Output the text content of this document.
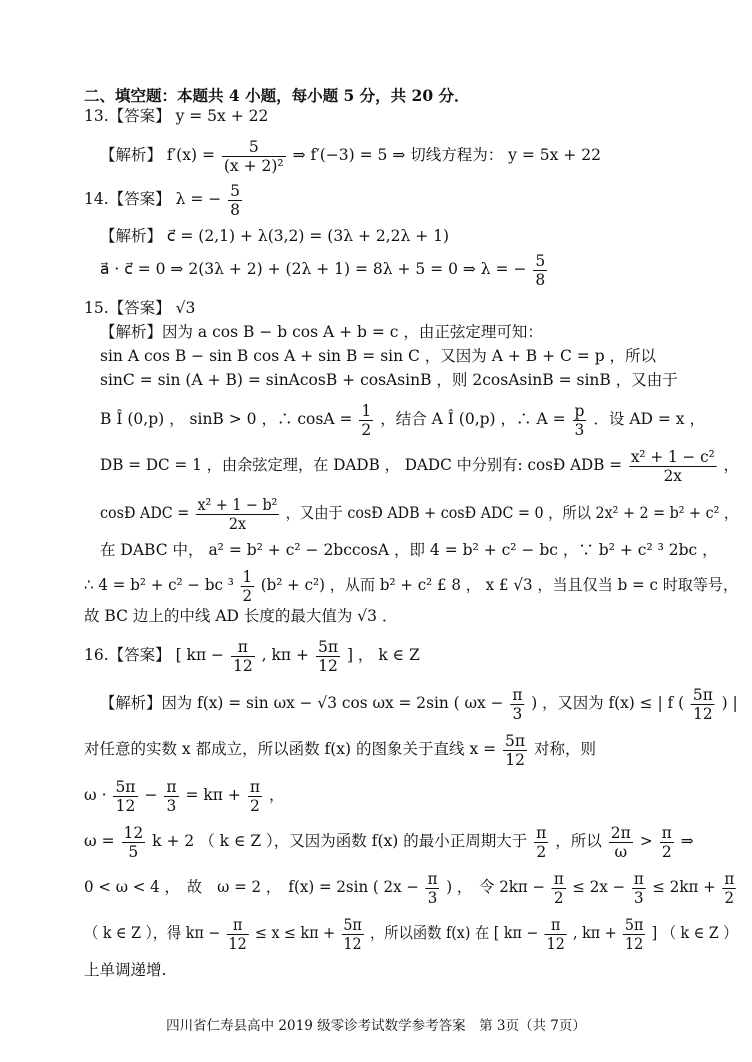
二、填空题：本题共 4 小题，每小题 5 分，共 20 分．
13.【答案】 y = 5x + 22
【解析】 $f'(x) = \frac{5}{\text{(x + 2)²}}$ ⇒ f′(−3) = 5 ⇒ 切线方程为： y = 5x + 22
14.【答案】 λ = − $\frac{5}{8}$
【解析】 c⃗ = (2,1) + λ(3,2) = (3λ + 2,2λ + 1)
a⃗ · c⃗ = 0 ⇒ 2(3λ + 2) + (2λ + 1) = 8λ + 5 = 0 ⇒ λ = − $\frac{5}{8}$
15.【答案】 √3
【解析】因为 a cos B − b cos A + b = c ，由正弦定理可知：
sin A cos B − sin B cos A + sin B = sin C ，又因为 A + B + C = p ，所以
sinC = sin (A + B) = sinAcosB + cosAsinB ，则 2cosAsinB = sinB ，又由于
B Î (0,p) ， sinB > 0 ，∴ $\cos A = \frac{1}{2}$ ，结合 A Î (0,p) ，∴ $A = \frac{p}{3}$ ．设 AD = x ，
DB = DC = 1 ，由余弦定理，在 DADB ， DADC 中分别有: cosÐ ADB = $\frac{\text{x² + 1 − c²}}{2x}$ ，
cosÐ ADC = $\frac{\text{x² + 1 − b²}}{2x}$ ，又由于 cosÐ ADB + cosÐ ADC = 0 ，所以 2x² + 2 = b² + c² ，
在 DABC 中， a² = b² + c² − 2bccosA ，即 4 = b² + c² − bc ，∵ b² + c² ³ 2bc ，
∴ 4 = b² + c² − bc $^3 \frac{1}{2} (b^2 + c^2)$ ，从而 b² + c² £ 8 ， x £ √3 ，当且仅当 b = c 时取等号，
故 BC 边上的中线 AD 长度的最大值为 √3 ．
16.【答案】 [ $k\pi - \frac{\pi}{12}$ , $k\pi + \frac{5\pi}{12}$ ] ， k ∈ Z
【解析】因为 f(x) = sin ωx − √3 cos ωx = 2sin ( $\omega x - \frac{\pi}{3}$ ) ，又因为 f(x) ≤ | f ( $\frac{5\pi}{12}$ ) |
对任意的实数 x 都成立，所以函数 f(x) 的图象关于直线 $x = \frac{5\pi}{12}$ 对称，则
$\omega \cdot \frac{5\pi}{12} - \frac{\pi}{3} = k\pi + \frac{\pi}{2}$ ，
$\omega = \frac{12}{5}$ k + 2 （ k ∈ Z ），又因为函数 f(x) 的最小正周期大于 $\frac{\pi}{2}$ ，所以 $\frac{2\pi}{\omega} > \frac{\pi}{2}$ ⇒
0 < ω < 4 ，　故　ω = 2 ，　f(x) = 2sin ( $2x - \frac{\pi}{3}$ ) ，　令 $2k\pi - \frac{\pi}{2} \le 2x - \frac{\pi}{3} \le 2k\pi + \frac{\pi}{2}$
（ k ∈ Z ），得 $k\pi - \frac{\pi}{12} \le x \le k\pi + \frac{5\pi}{12}$ ，所以函数 f(x) 在 [ $k\pi - \frac{\pi}{12}$ , $k\pi + \frac{5\pi}{12}$ ] （ k ∈ Z ）
上单调递增.
四川省仁寿县高中 2019 级零诊考试数学参考答案　第 3页（共 7页）
